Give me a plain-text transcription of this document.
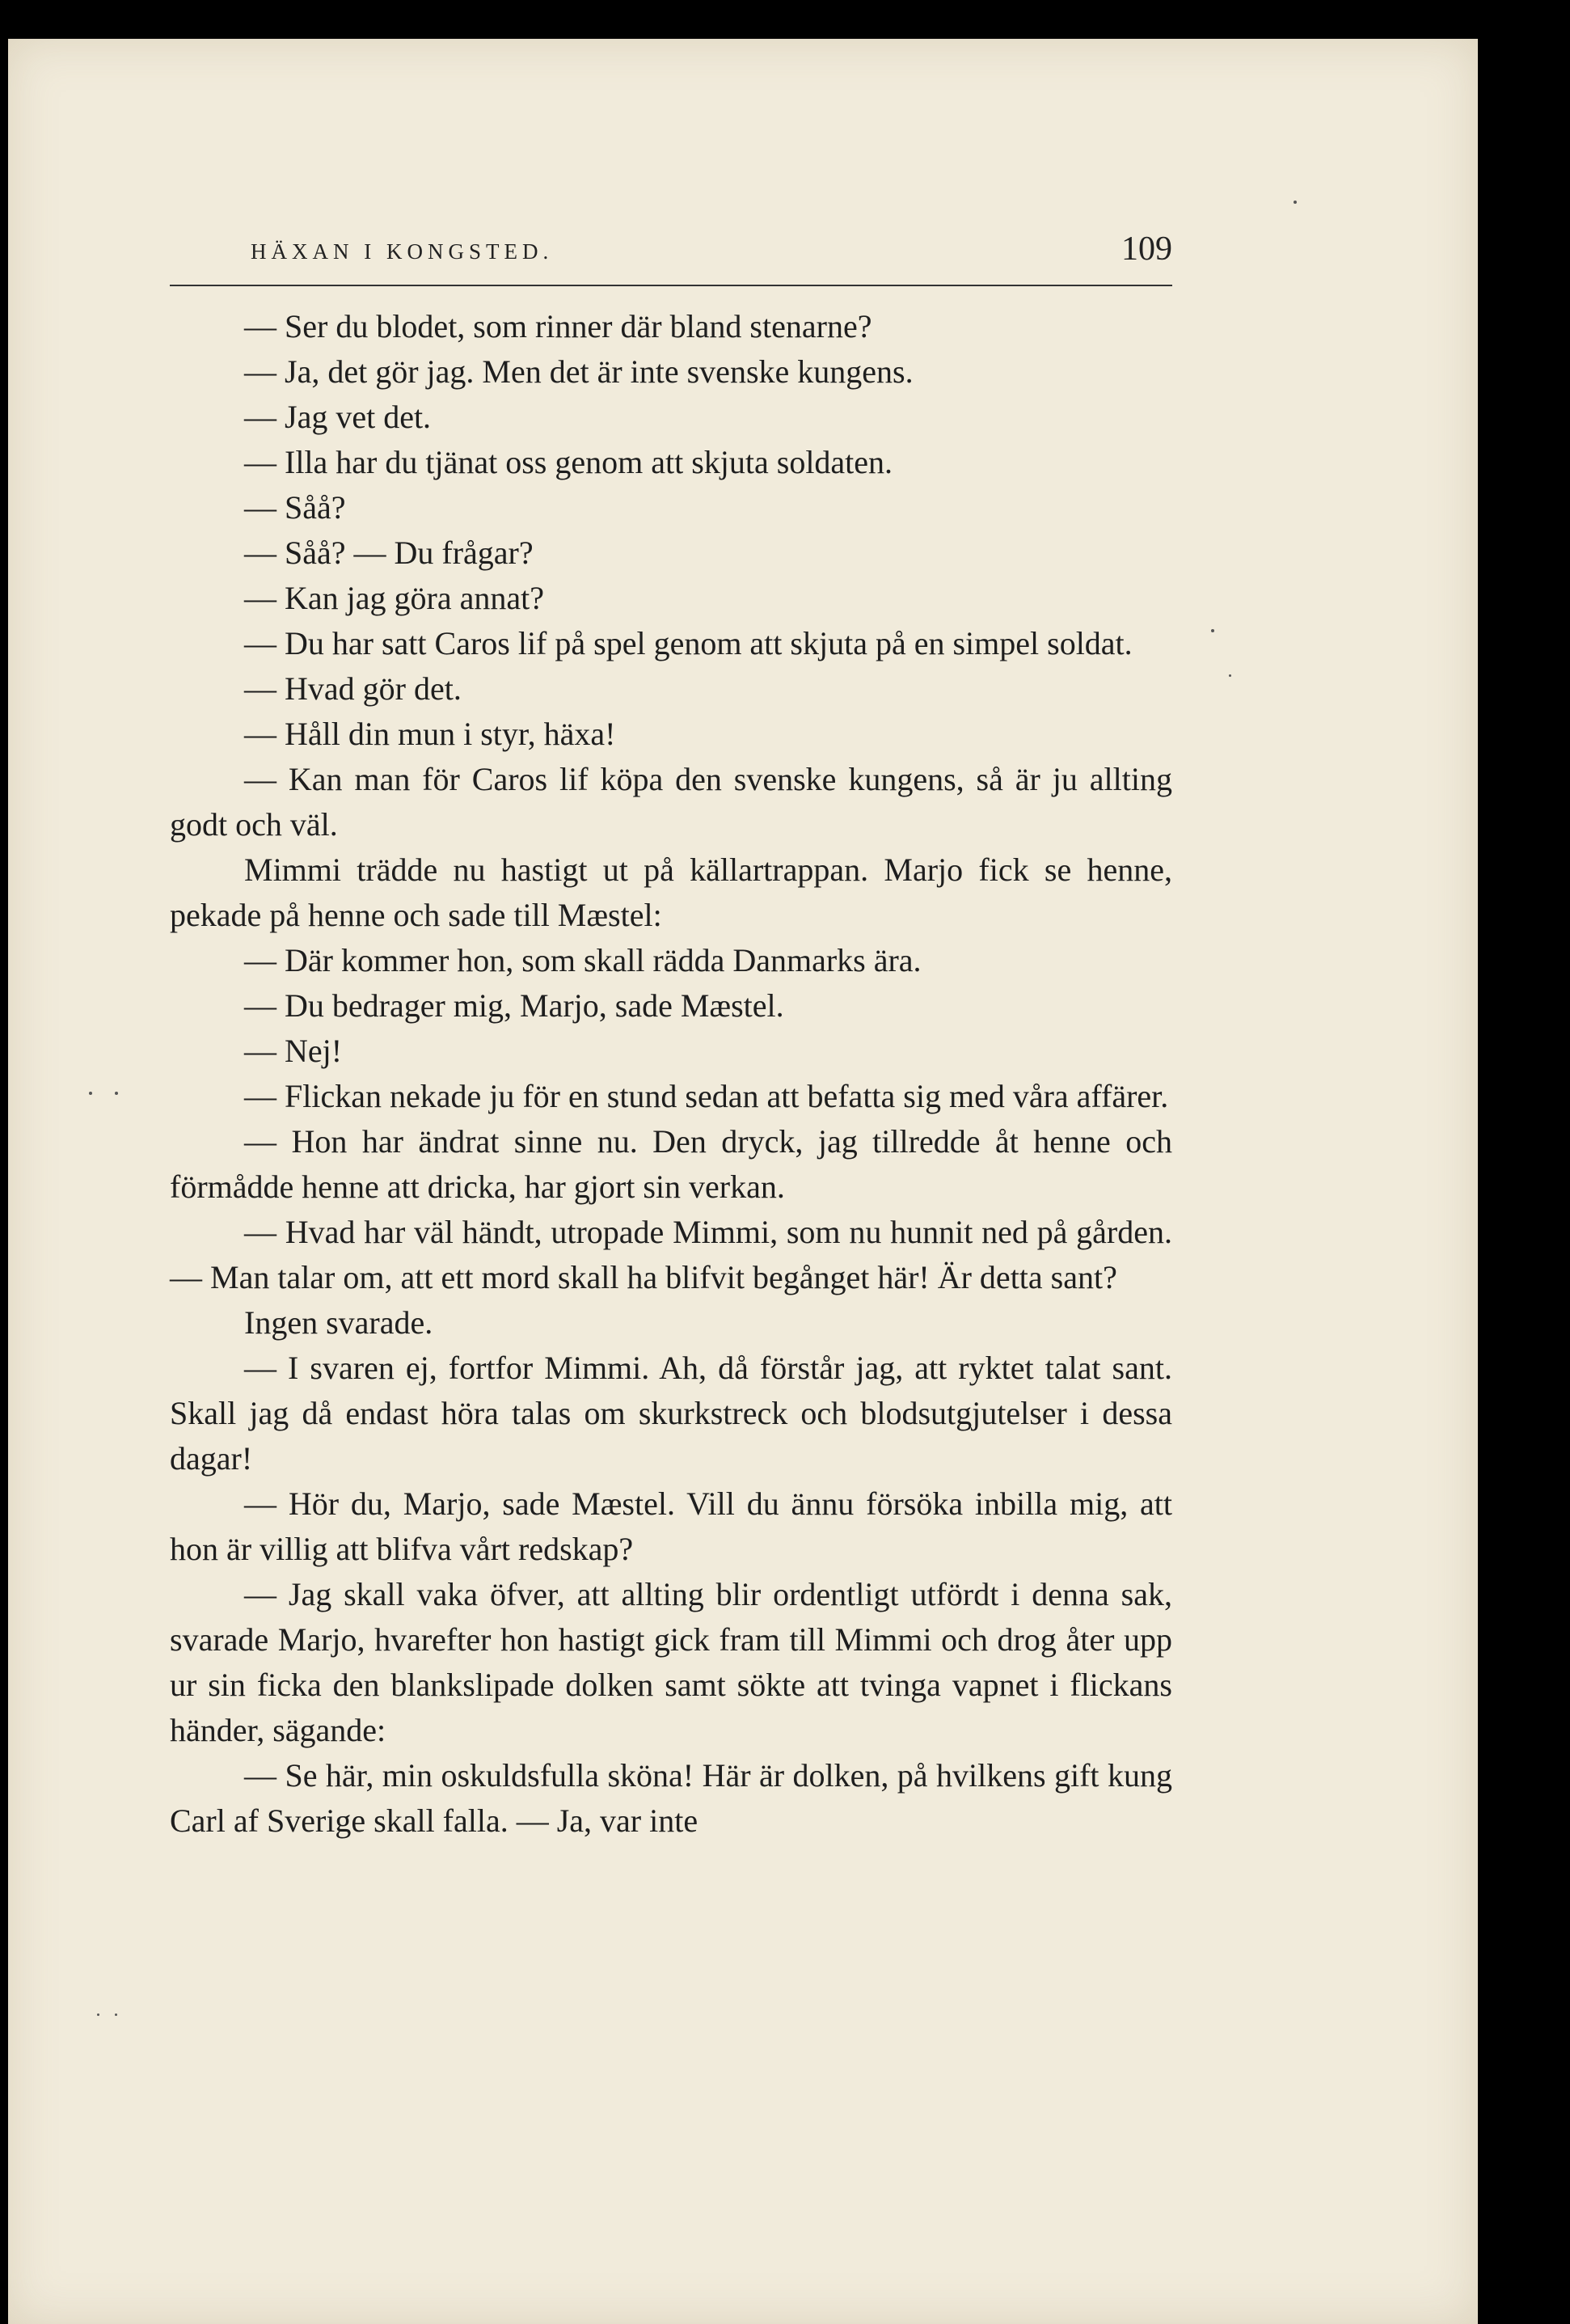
HÄXAN I KONGSTED.	109

— Ser du blodet, som rinner där bland stenarne?

— Ja, det gör jag. Men det är inte svenske kungens.

— Jag vet det.

— Illa har du tjänat oss genom att skjuta soldaten.

— Såå?

— Såå? — Du frågar?

— Kan jag göra annat?

— Du har satt Caros lif på spel genom att skjuta på en simpel soldat.

— Hvad gör det.

— Håll din mun i styr, häxa!

— Kan man för Caros lif köpa den svenske kungens, så är ju allting godt och väl.

Mimmi trädde nu hastigt ut på källartrappan. Marjo fick se henne, pekade på henne och sade till Mæstel:

— Där kommer hon, som skall rädda Danmarks ära.

— Du bedrager mig, Marjo, sade Mæstel.

— Nej!

— Flickan nekade ju för en stund sedan att befatta sig med våra affärer.

— Hon har ändrat sinne nu. Den dryck, jag tillredde åt henne och förmådde henne att dricka, har gjort sin verkan.

— Hvad har väl händt, utropade Mimmi, som nu hunnit ned på gården. — Man talar om, att ett mord skall ha blifvit begånget här! Är detta sant?

Ingen svarade.

— I svaren ej, fortfor Mimmi. Ah, då förstår jag, att ryktet talat sant. Skall jag då endast höra talas om skurkstreck och blodsutgjutelser i dessa dagar!

— Hör du, Marjo, sade Mæstel. Vill du ännu försöka inbilla mig, att hon är villig att blifva vårt redskap?

— Jag skall vaka öfver, att allting blir ordentligt utfördt i denna sak, svarade Marjo, hvarefter hon hastigt gick fram till Mimmi och drog åter upp ur sin ficka den blankslipade dolken samt sökte att tvinga vapnet i flickans händer, sägande:

— Se här, min oskuldsfulla sköna! Här är dolken, på hvilkens gift kung Carl af Sverige skall falla. — Ja, var inte
